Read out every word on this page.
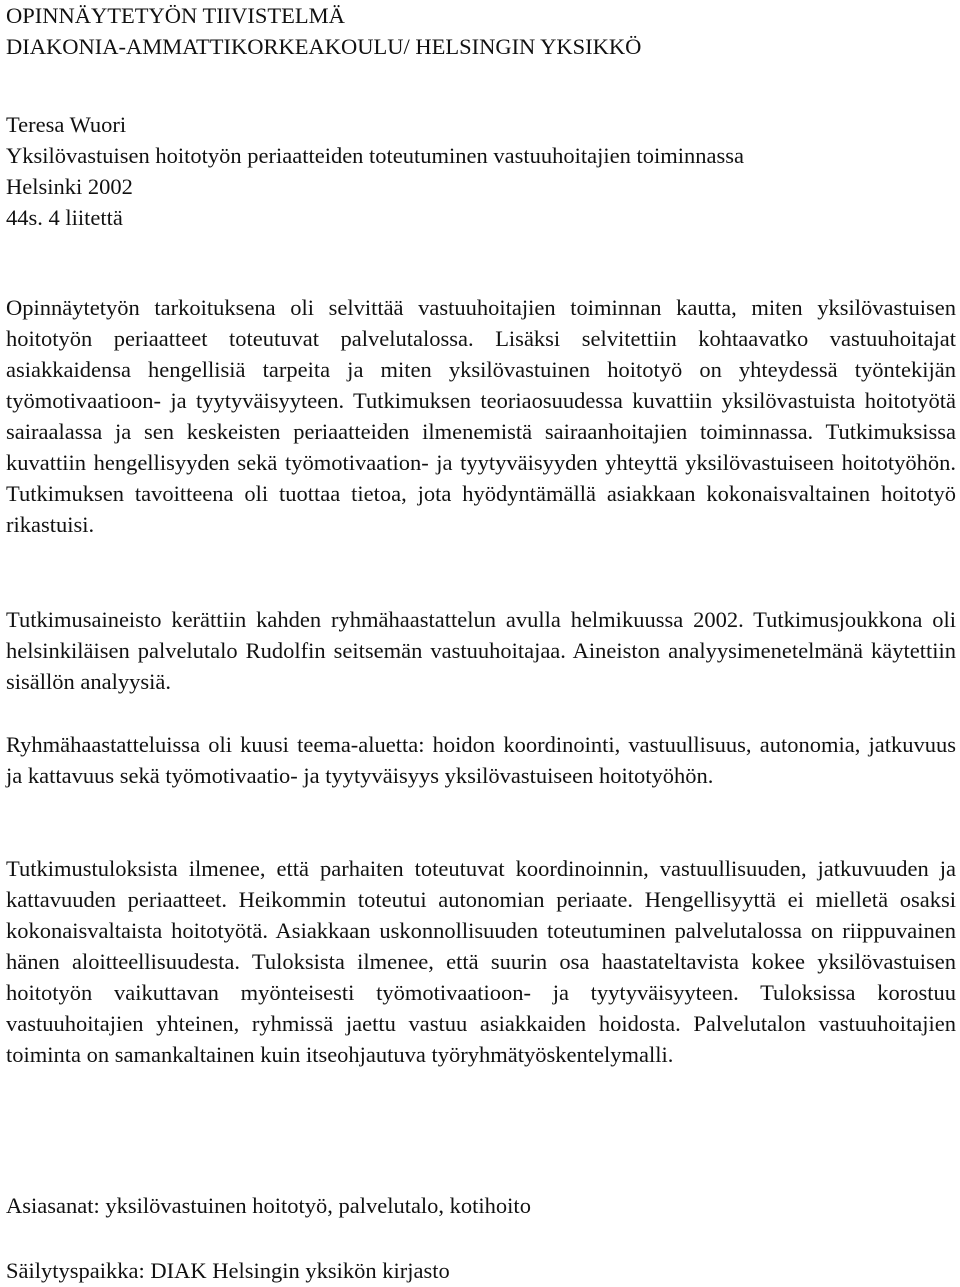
OPINNÄYTETYÖN TIIVISTELMÄ

DIAKONIA-AMMATTIKORKEAKOULU/ HELSINGIN YKSIKKÖ

Teresa Wuori

Yksilövastuisen hoitotyön periaatteiden toteutuminen vastuuhoitajien toiminnassa

Helsinki 2002

44s. 4 liitettä

Opinnäytetyön tarkoituksena oli selvittää vastuuhoitajien toiminnan kautta, miten yksilövastuisen hoitotyön periaatteet toteutuvat palvelutalossa. Lisäksi selvitettiin kohtaavatko vastuuhoitajat asiakkaidensa hengellisiä tarpeita ja miten yksilövastuinen hoitotyö on yhteydessä työntekijän työmotivaatioon- ja tyytyväisyyteen. Tutkimuksen teoriaosuudessa kuvattiin yksilövastuista hoitotyötä sairaalassa ja sen keskeisten periaatteiden ilmenemistä sairaanhoitajien toiminnassa. Tutkimuksissa kuvattiin hengellisyyden sekä työmotivaation- ja tyytyväisyyden yhteyttä yksilövastuiseen hoitotyöhön. Tutkimuksen tavoitteena oli tuottaa tietoa, jota hyödyntämällä asiakkaan kokonaisvaltainen hoitotyö rikastuisi.

Tutkimusaineisto kerättiin kahden ryhmähaastattelun avulla helmikuussa 2002. Tutkimusjoukkona oli helsinkiläisen palvelutalo Rudolfin seitsemän vastuuhoitajaa. Aineiston analyysimenetelmänä käytettiin sisällön analyysiä.

Ryhmähaastatteluissa oli kuusi teema-aluetta: hoidon koordinointi, vastuullisuus, autonomia, jatkuvuus ja kattavuus sekä työmotivaatio- ja tyytyväisyys yksilövastuiseen hoitotyöhön.

Tutkimustuloksista ilmenee, että parhaiten toteutuvat koordinoinnin, vastuullisuuden, jatkuvuuden ja kattavuuden periaatteet. Heikommin toteutui autonomian periaate. Hengellisyyttä ei mielletä osaksi kokonaisvaltaista hoitotyötä. Asiakkaan uskonnollisuuden toteutuminen palvelutalossa on riippuvainen hänen aloitteellisuudesta. Tuloksista ilmenee, että suurin osa haastateltavista kokee yksilövastuisen hoitotyön vaikuttavan myönteisesti työmotivaatioon- ja tyytyväisyyteen. Tuloksissa korostuu vastuuhoitajien yhteinen, ryhmissä jaettu vastuu asiakkaiden hoidosta. Palvelutalon vastuuhoitajien toiminta on samankaltainen kuin itseohjautuva työryhmätyöskentelymalli.

Asiasanat: yksilövastuinen hoitotyö, palvelutalo, kotihoito

Säilytyspaikka: DIAK Helsingin yksikön kirjasto
